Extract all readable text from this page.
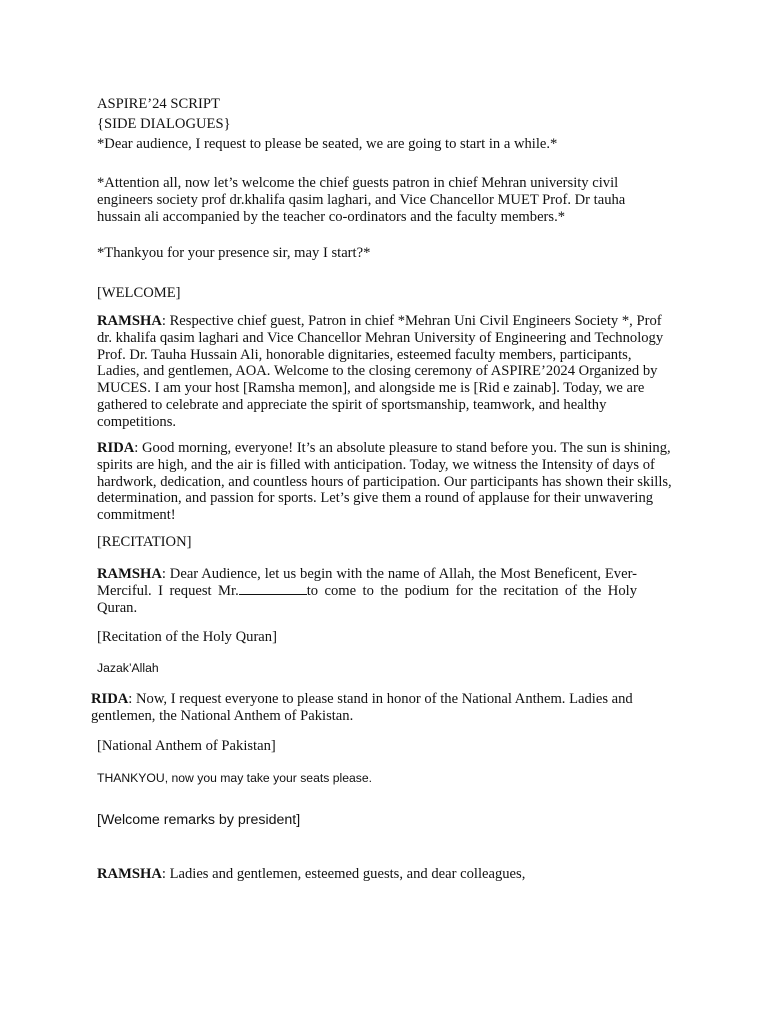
ASPIRE’24 SCRIPT

{SIDE DIALOGUES}

*Dear audience, I request to please be seated, we are going to start in a while.*

*Attention all, now let’s welcome the chief guests patron in chief Mehran university civil engineers society prof dr.khalifa qasim laghari, and Vice Chancellor MUET Prof. Dr tauha hussain ali accompanied by the teacher co-ordinators and the faculty members.*

*Thankyou for your presence sir, may I start?*

[WELCOME]

RAMSHA: Respective chief guest, Patron in chief *Mehran Uni Civil Engineers Society *, Prof dr. khalifa qasim laghari and Vice Chancellor Mehran University of Engineering and Technology Prof. Dr. Tauha Hussain Ali, honorable dignitaries, esteemed faculty members, participants, Ladies, and gentlemen, AOA. Welcome to the closing ceremony of ASPIRE’2024 Organized by MUCES. I am your host [Ramsha memon], and alongside me is [Rid e zainab]. Today, we are gathered to celebrate and appreciate the spirit of sportsmanship, teamwork, and healthy competitions.

RIDA: Good morning, everyone! It’s an absolute pleasure to stand before you. The sun is shining, spirits are high, and the air is filled with anticipation. Today, we witness the Intensity of days of hardwork, dedication, and countless hours of participation. Our participants has shown their skills, determination, and passion for sports. Let’s give them a round of applause for their unwavering commitment!

[RECITATION]

RAMSHA: Dear Audience, let us begin with the name of Allah, the Most Beneficent, Ever- Merciful. I request Mr.	to come to the podium for the recitation of the Holy Quran.

[Recitation of the Holy Quran]

Jazak’Allah

RIDA: Now, I request everyone to please stand in honor of the National Anthem. Ladies and gentlemen, the National Anthem of Pakistan.

[National Anthem of Pakistan]

THANKYOU, now you may take your seats please.

[Welcome remarks by president]

RAMSHA: Ladies and gentlemen, esteemed guests, and dear colleagues,
